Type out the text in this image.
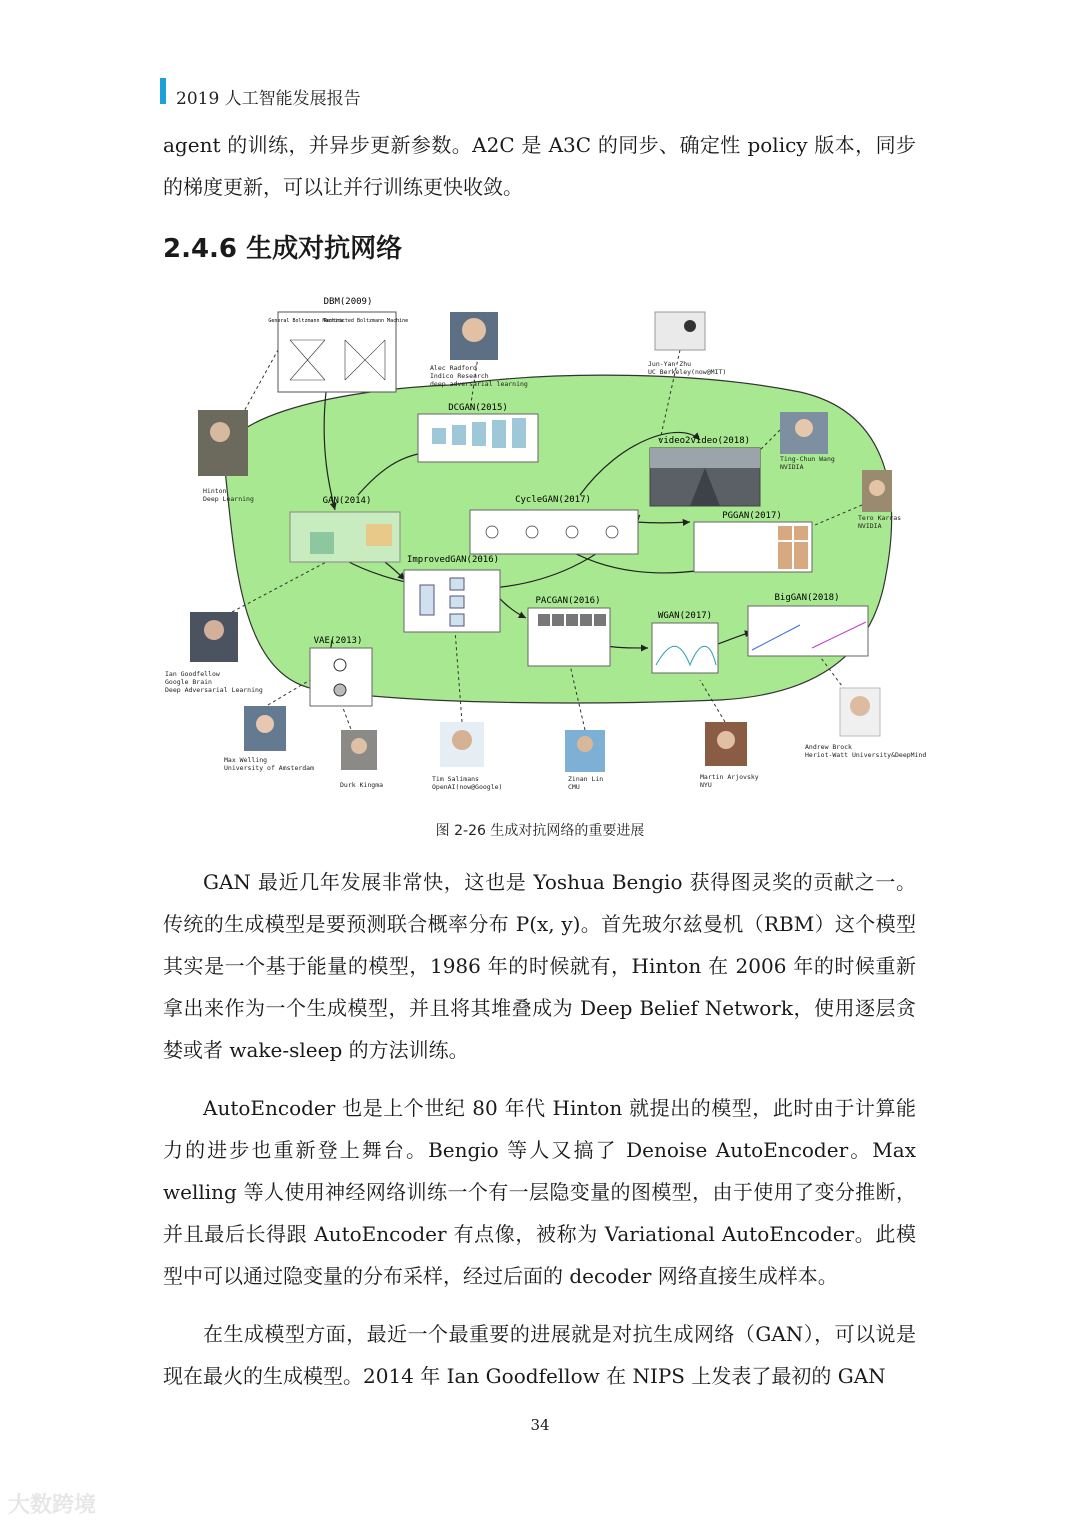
2019 人工智能发展报告

agent 的训练，并异步更新参数。A2C 是 A3C 的同步、确定性 policy 版本，同步的梯度更新，可以让并行训练更快收敛。

2.4.6 生成对抗网络
DBM(2009)
General Boltzmann Machine
Restricted Boltzmann Machine
DCGAN(2015)
GAN(2014)	CycleGAN(2017)
video2video(2018)
PGGAN(2017)
ImprovedGAN(2016)
PACGAN(2016)
WGAN(2017)
BigGAN(2018)
VAE(2013)
Hinton
Deep Learning
Alec Radford
Indico Research
deep adversarial learning
Jun-Yan Zhu
UC Berkeley(now@MIT)
Ting-Chun Wang
NVIDIA
Tero Karras
NVIDIA
Ian Goodfellow
Google Brain
Deep Adversarial Learning
Max Welling
University of Amsterdam
Durk Kingma
Tim Salimans
OpenAI(now@Google)
Zinan Lin
CMU
Martin Arjovsky
NYU
Andrew Brock
Heriot-Watt University&DeepMind
图 2-26 生成对抗网络的重要进展

GAN 最近几年发展非常快，这也是 Yoshua Bengio 获得图灵奖的贡献之一。传统的生成模型是要预测联合概率分布 P(x, y)。首先玻尔兹曼机（RBM）这个模型其实是一个基于能量的模型，1986 年的时候就有，Hinton 在 2006 年的时候重新拿出来作为一个生成模型，并且将其堆叠成为 Deep Belief Network，使用逐层贪婪或者 wake-sleep 的方法训练。

AutoEncoder 也是上个世纪 80 年代 Hinton 就提出的模型，此时由于计算能力的进步也重新登上舞台。Bengio 等人又搞了 Denoise AutoEncoder。Max welling 等人使用神经网络训练一个有一层隐变量的图模型，由于使用了变分推断，并且最后长得跟 AutoEncoder 有点像，被称为 Variational AutoEncoder。此模型中可以通过隐变量的分布采样，经过后面的 decoder 网络直接生成样本。

在生成模型方面，最近一个最重要的进展就是对抗生成网络（GAN），可以说是现在最火的生成模型。2014 年 Ian Goodfellow 在 NIPS 上发表了最初的 GAN

34
大数跨境
